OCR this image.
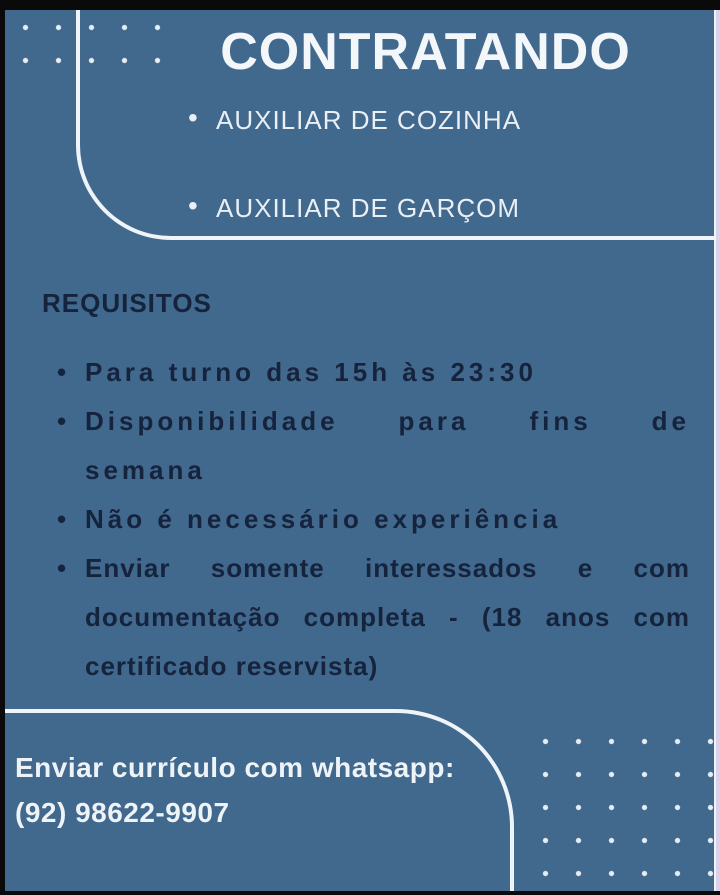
CONTRATANDO
• AUXILIAR DE COZINHA
• AUXILIAR DE GARÇOM
REQUISITOS
• Para turno das 15h às 23:30
• Disponibilidade para fins de
semana
• Não é necessário experiência
• Enviar somente interessados e com
documentação completa - (18 anos com
certificado reservista)
Enviar currículo com whatsapp:
(92) 98622-9907
